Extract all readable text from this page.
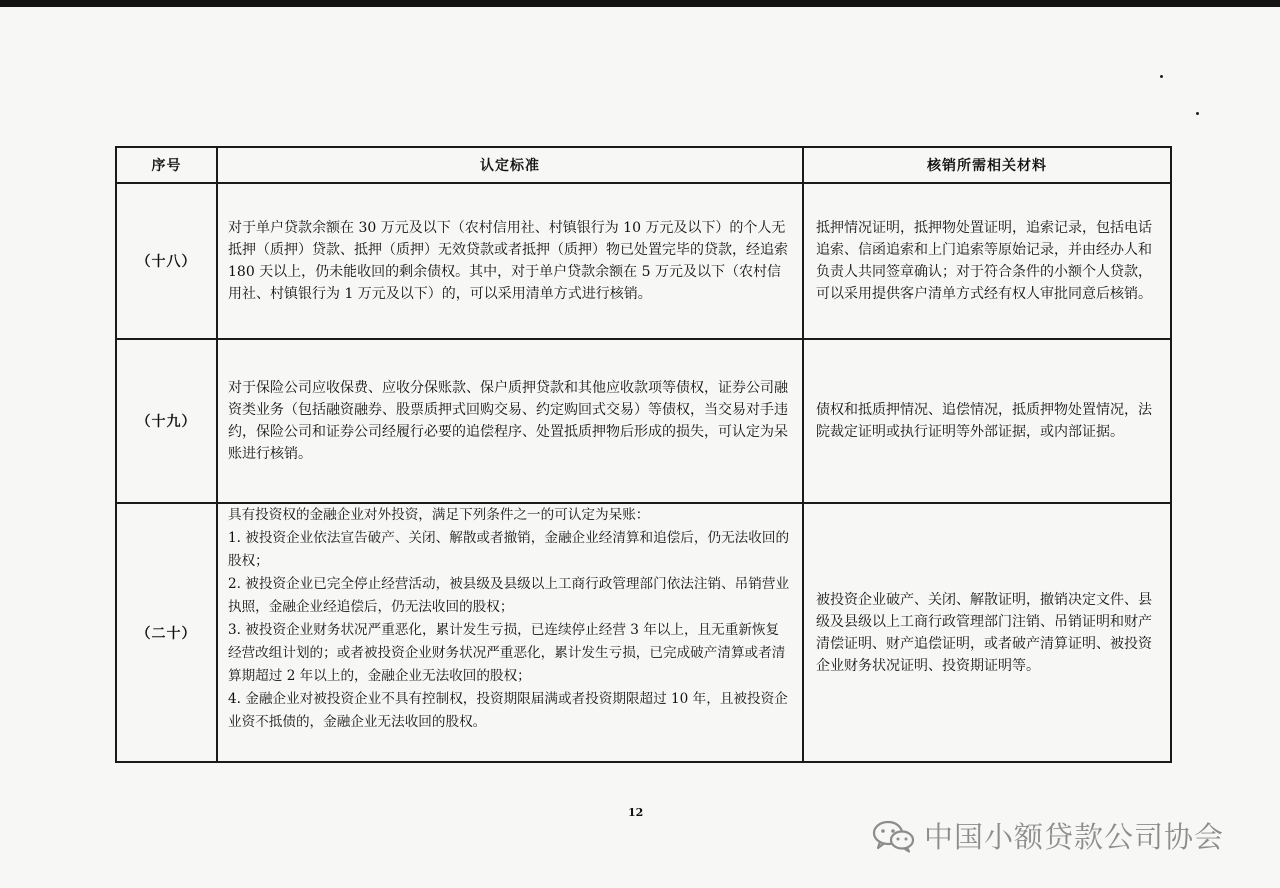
序号	认定标准	核销所需相关材料
（十八）	对于单户贷款余额在 30 万元及以下（农村信用社、村镇银行为 10 万元及以下）的个人无抵押（质押）贷款、抵押（质押）无效贷款或者抵押（质押）物已处置完毕的贷款，经追索 180 天以上，仍未能收回的剩余债权。其中，对于单户贷款余额在 5 万元及以下（农村信用社、村镇银行为 1 万元及以下）的，可以采用清单方式进行核销。	抵押情况证明，抵押物处置证明，追索记录，包括电话追索、信函追索和上门追索等原始记录，并由经办人和负责人共同签章确认；对于符合条件的小额个人贷款，可以采用提供客户清单方式经有权人审批同意后核销。

（十九）	对于保险公司应收保费、应收分保账款、保户质押贷款和其他应收款项等债权，证券公司融资类业务（包括融资融券、股票质押式回购交易、约定购回式交易）等债权，当交易对手违约，保险公司和证券公司经履行必要的追偿程序、处置抵质押物后形成的损失，可认定为呆账进行核销。	债权和抵质押情况、追偿情况，抵质押物处置情况，法院裁定证明或执行证明等外部证据，或内部证据。

（二十）	具有投资权的金融企业对外投资，满足下列条件之一的可认定为呆账：
1. 被投资企业依法宣告破产、关闭、解散或者撤销，金融企业经清算和追偿后，仍无法收回的股权；
2. 被投资企业已完全停止经营活动，被县级及县级以上工商行政管理部门依法注销、吊销营业执照，金融企业经追偿后，仍无法收回的股权；
3. 被投资企业财务状况严重恶化，累计发生亏损，已连续停止经营 3 年以上，且无重新恢复经营改组计划的；或者被投资企业财务状况严重恶化，累计发生亏损，已完成破产清算或者清算期超过 2 年以上的，金融企业无法收回的股权；
4. 金融企业对被投资企业不具有控制权，投资期限届满或者投资期限超过 10 年，且被投资企业资不抵债的，金融企业无法收回的股权。	被投资企业破产、关闭、解散证明，撤销决定文件、县级及县级以上工商行政管理部门注销、吊销证明和财产清偿证明、财产追偿证明，或者破产清算证明、被投资企业财务状况证明、投资期证明等。
12
中国小额贷款公司协会
